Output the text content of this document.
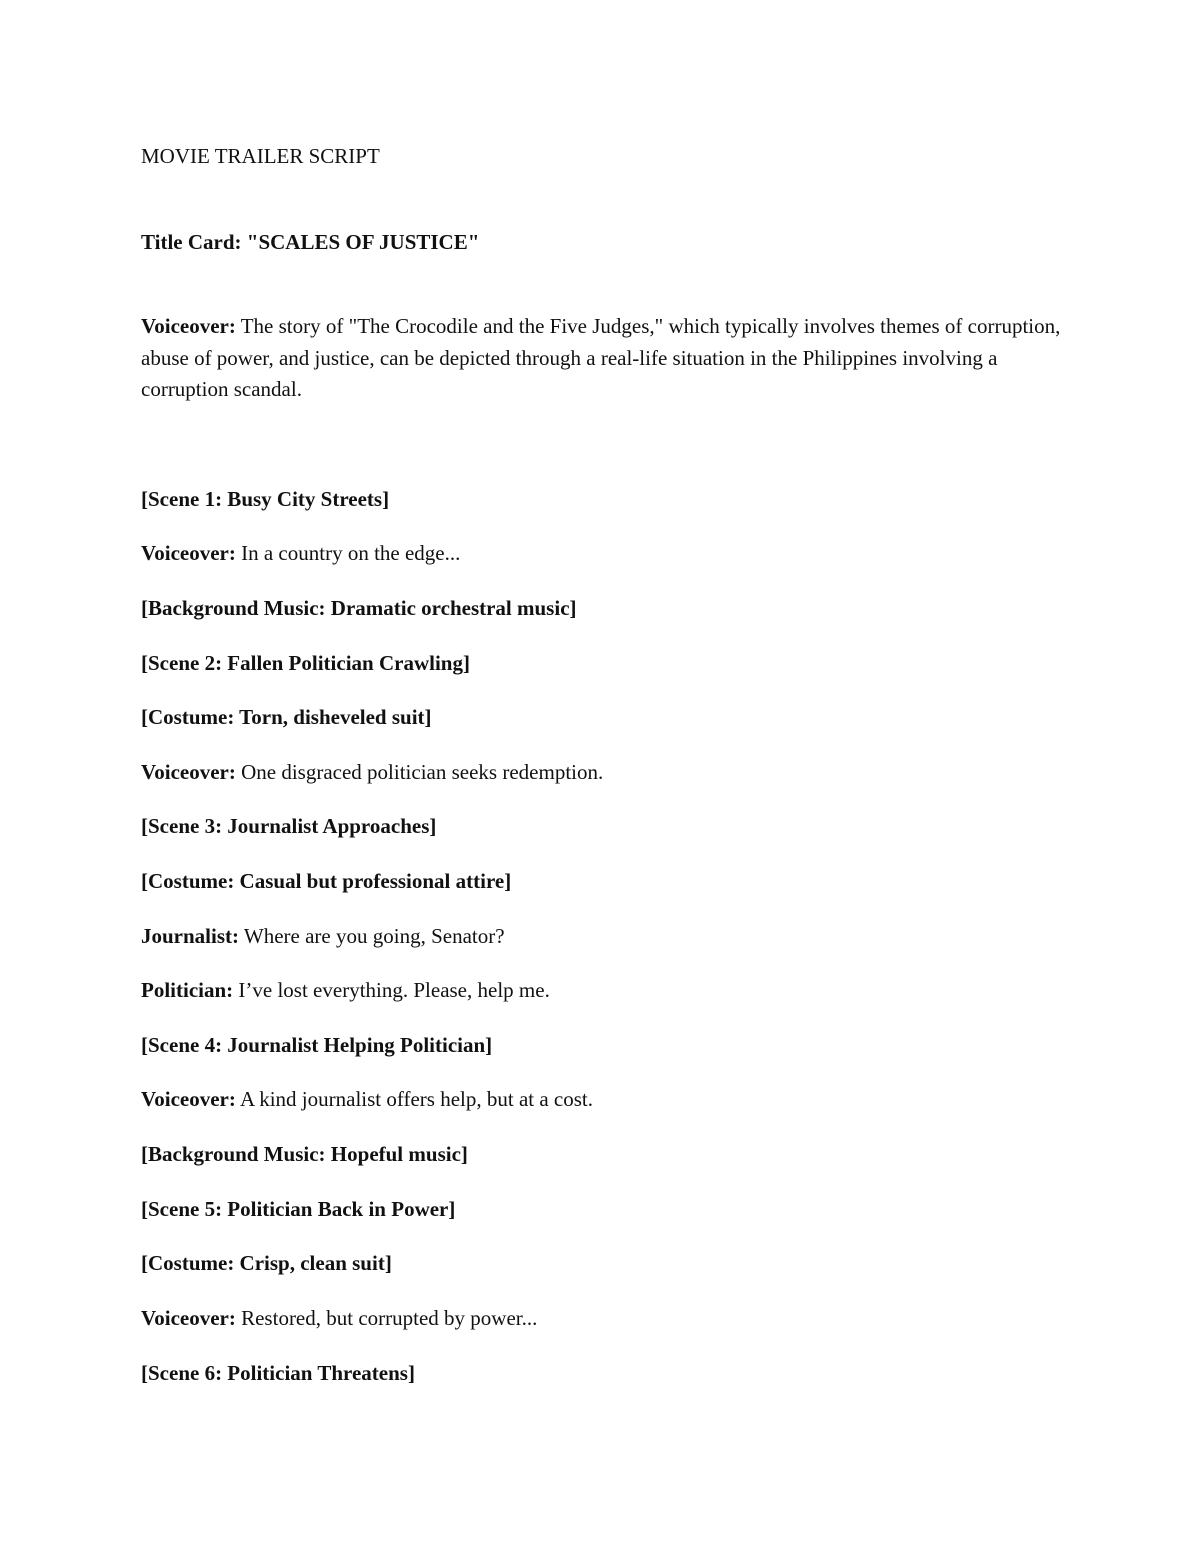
MOVIE TRAILER SCRIPT
Title Card: "SCALES OF JUSTICE"
Voiceover: The story of "The Crocodile and the Five Judges," which typically involves themes of corruption, abuse of power, and justice, can be depicted through a real-life situation in the Philippines involving a corruption scandal.
[Scene 1: Busy City Streets]
Voiceover: In a country on the edge...
[Background Music: Dramatic orchestral music]
[Scene 2: Fallen Politician Crawling]
[Costume: Torn, disheveled suit]
Voiceover: One disgraced politician seeks redemption.
[Scene 3: Journalist Approaches]
[Costume: Casual but professional attire]
Journalist: Where are you going, Senator?
Politician: I’ve lost everything. Please, help me.
[Scene 4: Journalist Helping Politician]
Voiceover: A kind journalist offers help, but at a cost.
[Background Music: Hopeful music]
[Scene 5: Politician Back in Power]
[Costume: Crisp, clean suit]
Voiceover: Restored, but corrupted by power...
[Scene 6: Politician Threatens]
